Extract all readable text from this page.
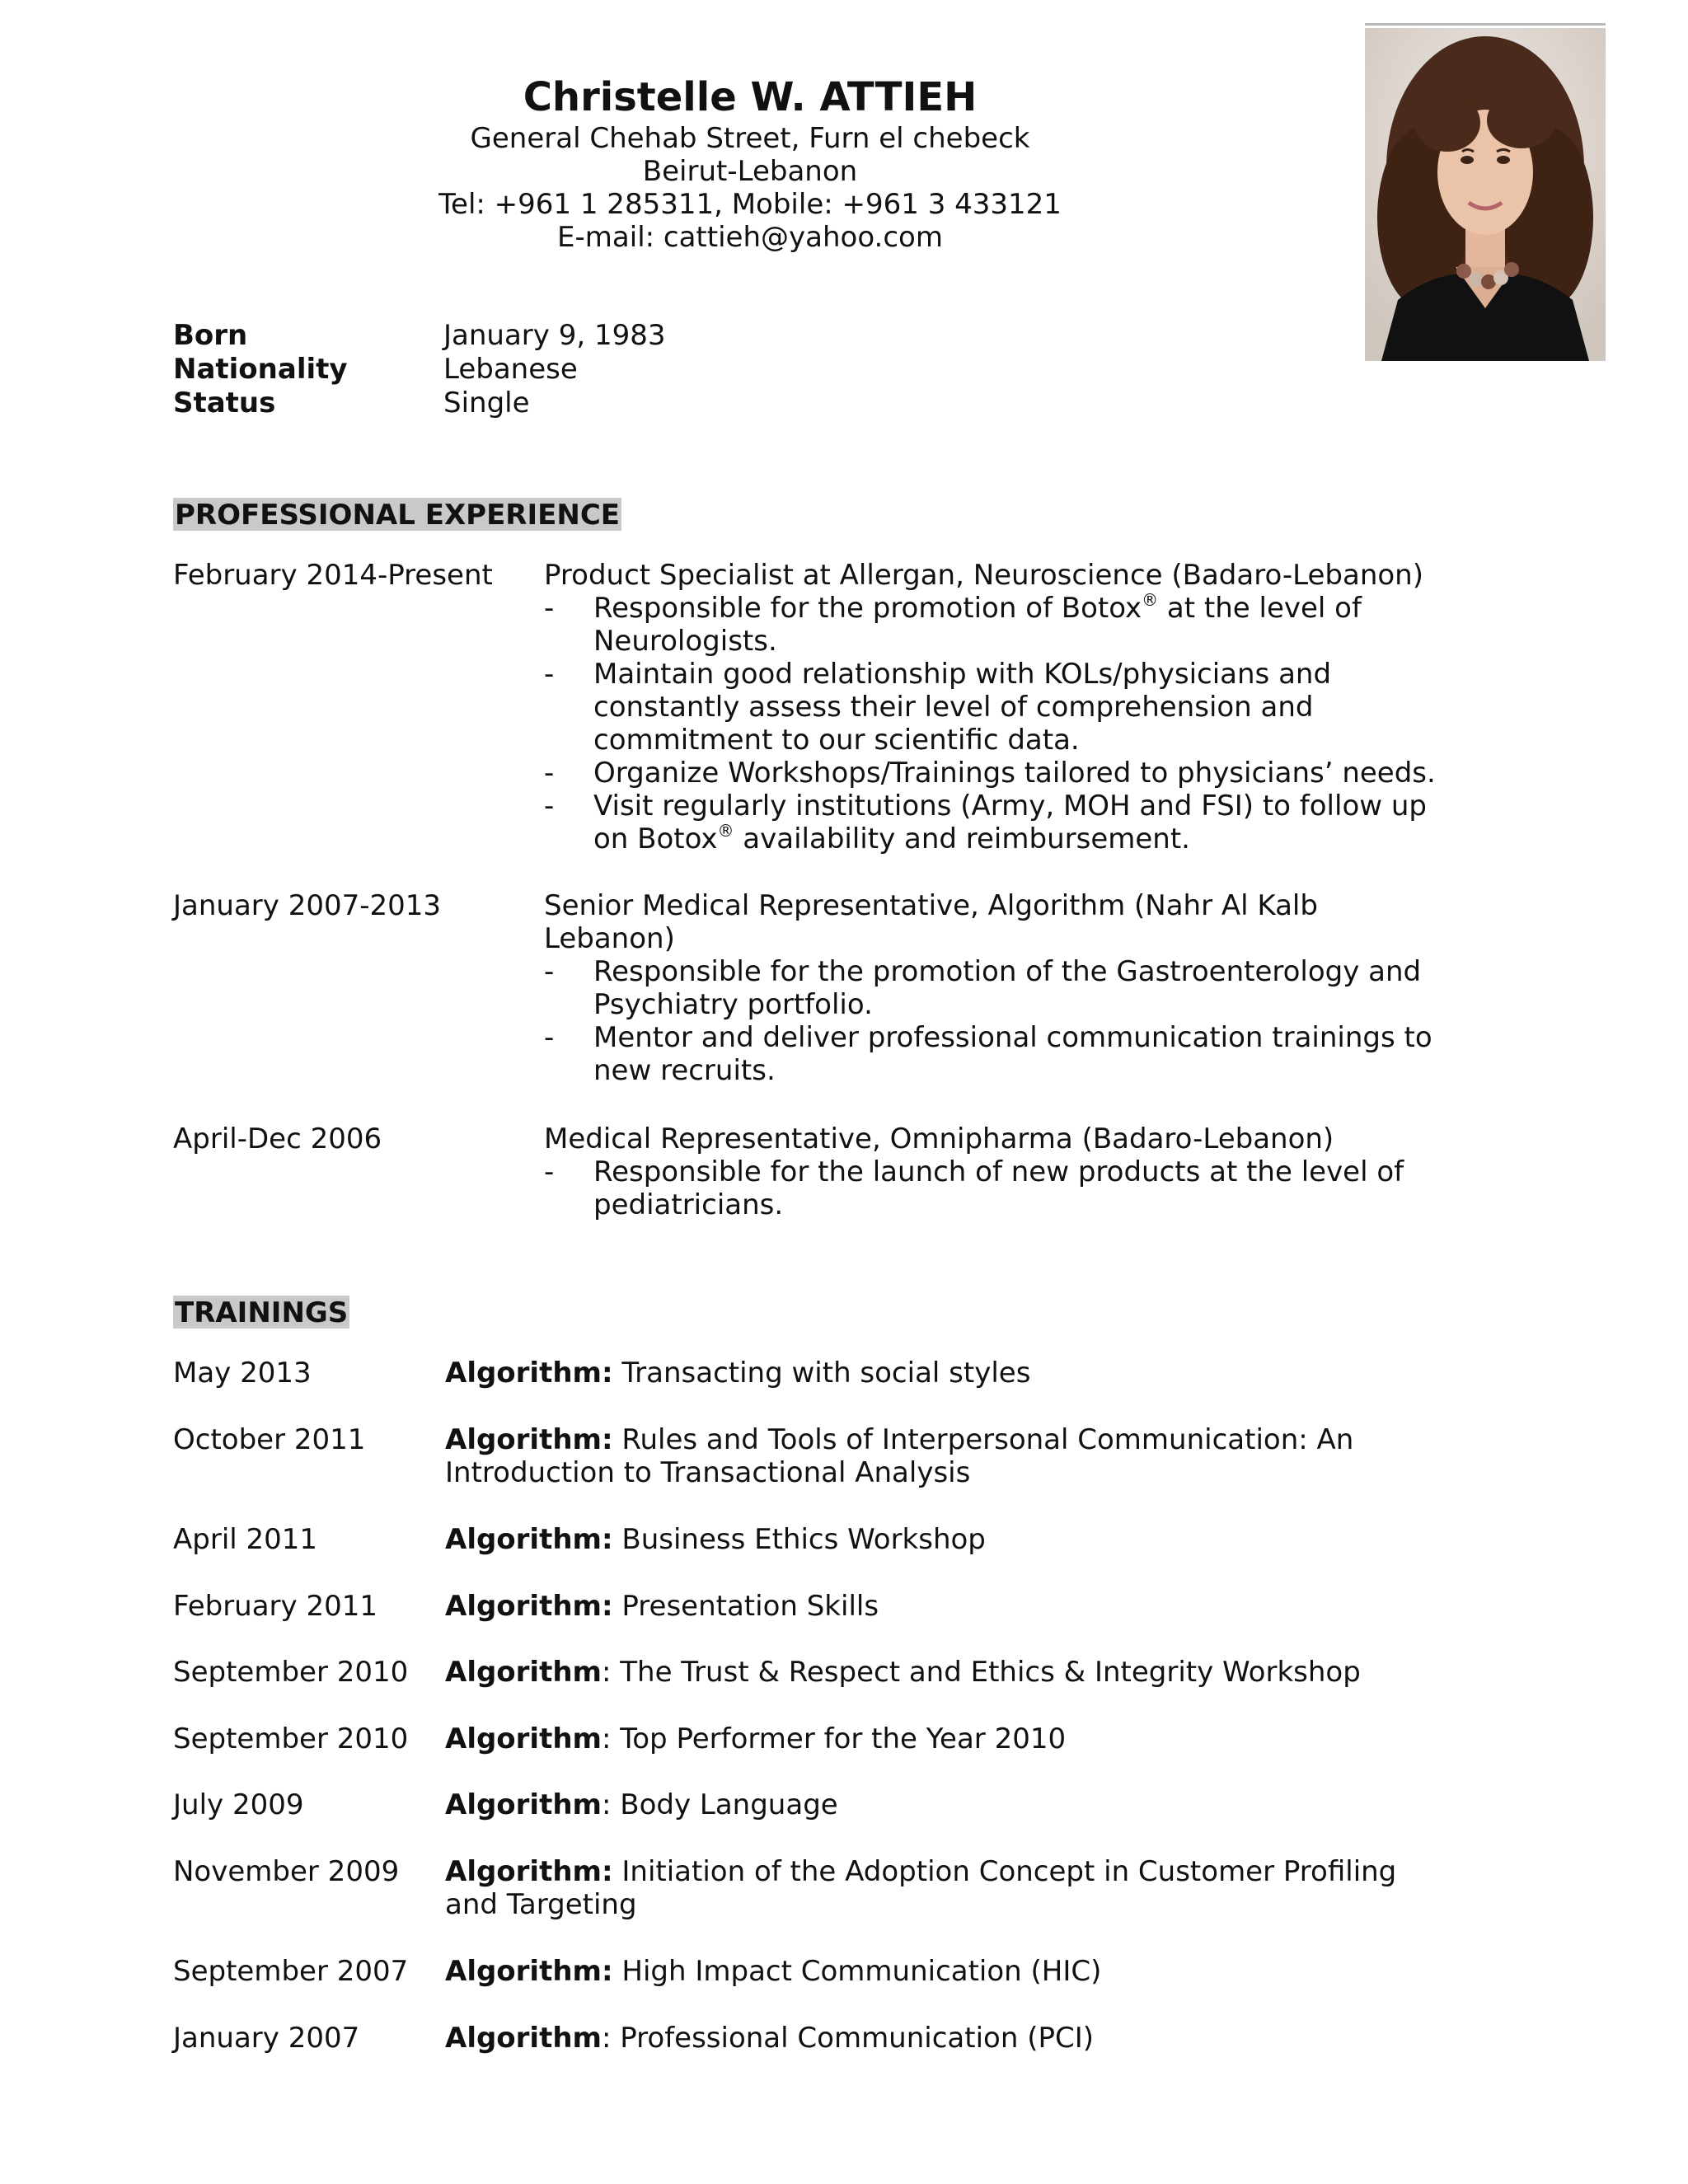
Christelle W. ATTIEH
General Chehab Street, Furn el chebeck
Beirut-Lebanon
Tel: +961 1 285311, Mobile: +961 3 433121
E-mail: cattieh@yahoo.com
Born	January 9, 1983
Nationality	Lebanese
Status	Single
PROFESSIONAL EXPERIENCE
February 2014-Present Product Specialist at Allergan, Neuroscience (Badaro-Lebanon)
- Responsible for the promotion of Botox® at the level of Neurologists.
- Maintain good relationship with KOLs/physicians and constantly assess their level of comprehension and commitment to our scientific data.
- Organize Workshops/Trainings tailored to physicians’ needs.
- Visit regularly institutions (Army, MOH and FSI) to follow up on Botox® availability and reimbursement.
January 2007-2013	Senior Medical Representative, Algorithm (Nahr Al Kalb Lebanon)
- Responsible for the promotion of the Gastroenterology and Psychiatry portfolio.
- Mentor and deliver professional communication trainings to new recruits.
April-Dec 2006	Medical Representative, Omnipharma (Badaro-Lebanon)
- Responsible for the launch of new products at the level of pediatricians.
TRAININGS
May 2013	Algorithm: Transacting with social styles
October 2011	Algorithm: Rules and Tools of Interpersonal Communication: An Introduction to Transactional Analysis
April 2011	Algorithm: Business Ethics Workshop
February 2011 Algorithm: Presentation Skills
September 2010 Algorithm: The Trust & Respect and Ethics & Integrity Workshop
September 2010 Algorithm: Top Performer for the Year 2010
July 2009	Algorithm: Body Language
November 2009 Algorithm: Initiation of the Adoption Concept in Customer Profiling and Targeting
September 2007 Algorithm: High Impact Communication (HIC)
January 2007	Algorithm: Professional Communication (PCI)
